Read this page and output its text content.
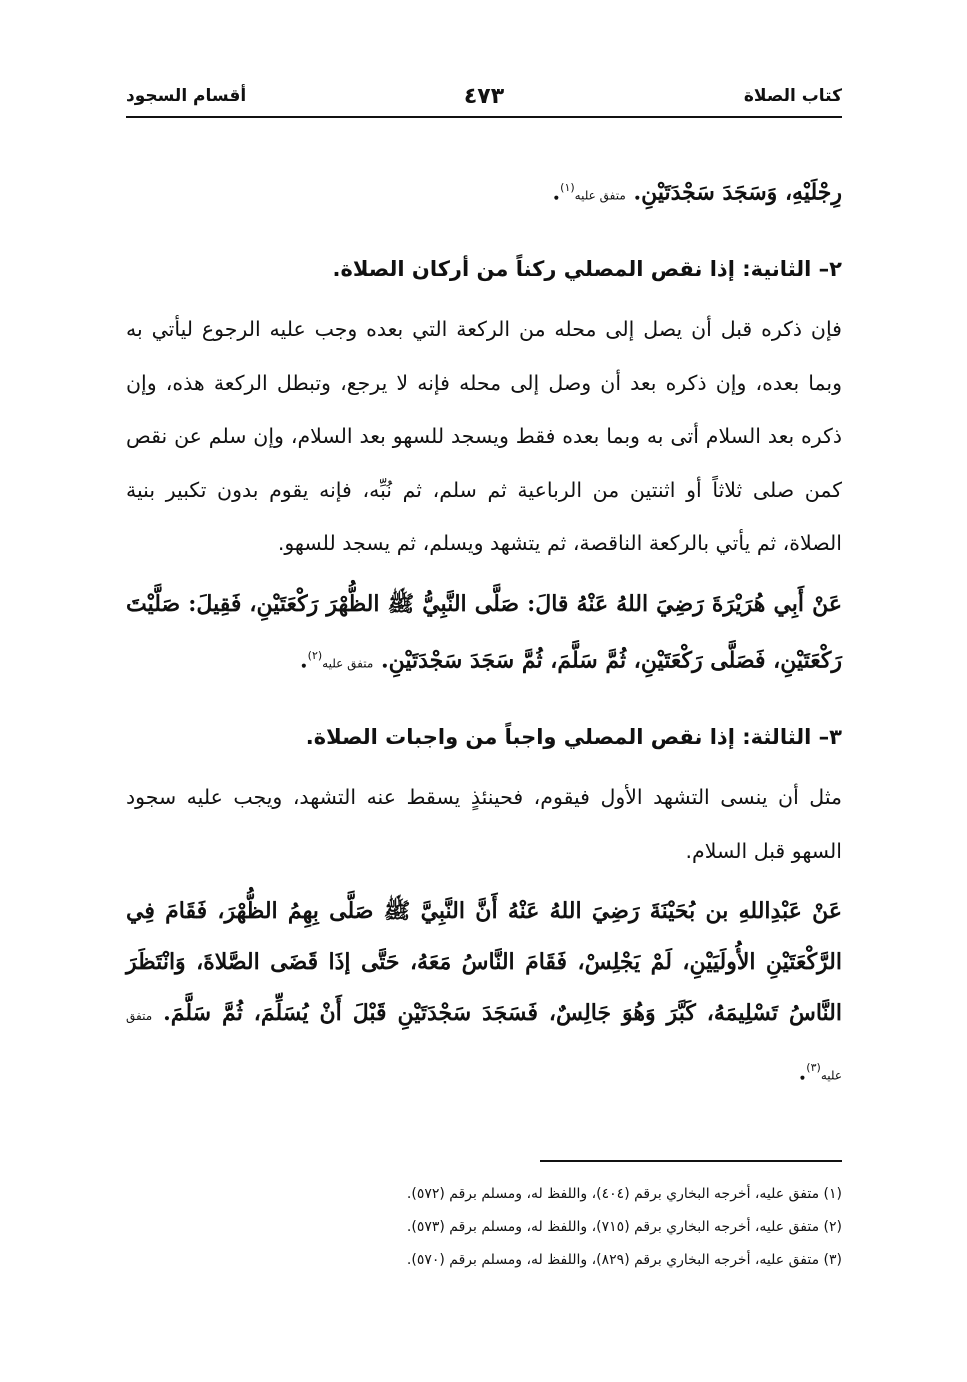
كتاب الصلاة
٤٧٣
أقسام السجود

رِجْلَيْهِ، وَسَجَدَ سَجْدَتَيْنِ. متفق عليه$^{(١)}$.

٢– الثانية: إذا نقص المصلي ركناً من أركان الصلاة.

فإن ذكره قبل أن يصل إلى محله من الركعة التي بعده وجب عليه الرجوع ليأتي به وبما بعده، وإن ذكره بعد أن وصل إلى محله فإنه لا يرجع، وتبطل الركعة هذه، وإن ذكره بعد السلام أتى به وبما بعده فقط ويسجد للسهو بعد السلام، وإن سلم عن نقص كمن صلى ثلاثاً أو اثنتين من الرباعية ثم سلم، ثم نُبِّه، فإنه يقوم بدون تكبير بنية الصلاة، ثم يأتي بالركعة الناقصة، ثم يتشهد ويسلم، ثم يسجد للسهو.

عَنْ أَبِي هُرَيْرَةَ رَضِيَ اللهُ عَنْهُ قالَ: صَلَّى النَّبِيُّ ﷺ الظُّهْرَ رَكْعَتَيْنِ، فَقِيلَ: صَلَّيْتَ رَكْعَتَيْنِ، فَصَلَّى رَكْعَتَيْنِ، ثُمَّ سَلَّمَ، ثُمَّ سَجَدَ سَجْدَتَيْنِ. متفق عليه$^{(٢)}$.

٣– الثالثة: إذا نقص المصلي واجباً من واجبات الصلاة.

مثل أن ينسى التشهد الأول فيقوم، فحينئذٍ يسقط عنه التشهد، ويجب عليه سجود السهو قبل السلام.

عَنْ عَبْدِاللهِ بن بُحَيْنَةَ رَضِيَ اللهُ عَنْهُ أَنَّ النَّبِيَّ ﷺ صَلَّى بِهِمُ الظُّهْرَ، فَقَامَ فِي الرَّكْعَتَيْنِ الأُولَيَيْنِ، لَمْ يَجْلِسْ، فَقَامَ النَّاسُ مَعَهُ، حَتَّى إذَا قَضَى الصَّلاةَ، وَانْتَظَرَ النَّاسُ تَسْلِيمَهُ، كَبَّرَ وَهُوَ جَالِسٌ، فَسَجَدَ سَجْدَتَيْنِ قَبْلَ أَنْ يُسَلِّمَ، ثُمَّ سَلَّمَ. متفق عليه$^{(٣)}$.

(١) متفق عليه، أخرجه البخاري برقم (٤٠٤)، واللفظ له، ومسلم برقم (٥٧٢).
(٢) متفق عليه، أخرجه البخاري برقم (٧١٥)، واللفظ له، ومسلم برقم (٥٧٣).
(٣) متفق عليه، أخرجه البخاري برقم (٨٢٩)، واللفظ له، ومسلم برقم (٥٧٠).
